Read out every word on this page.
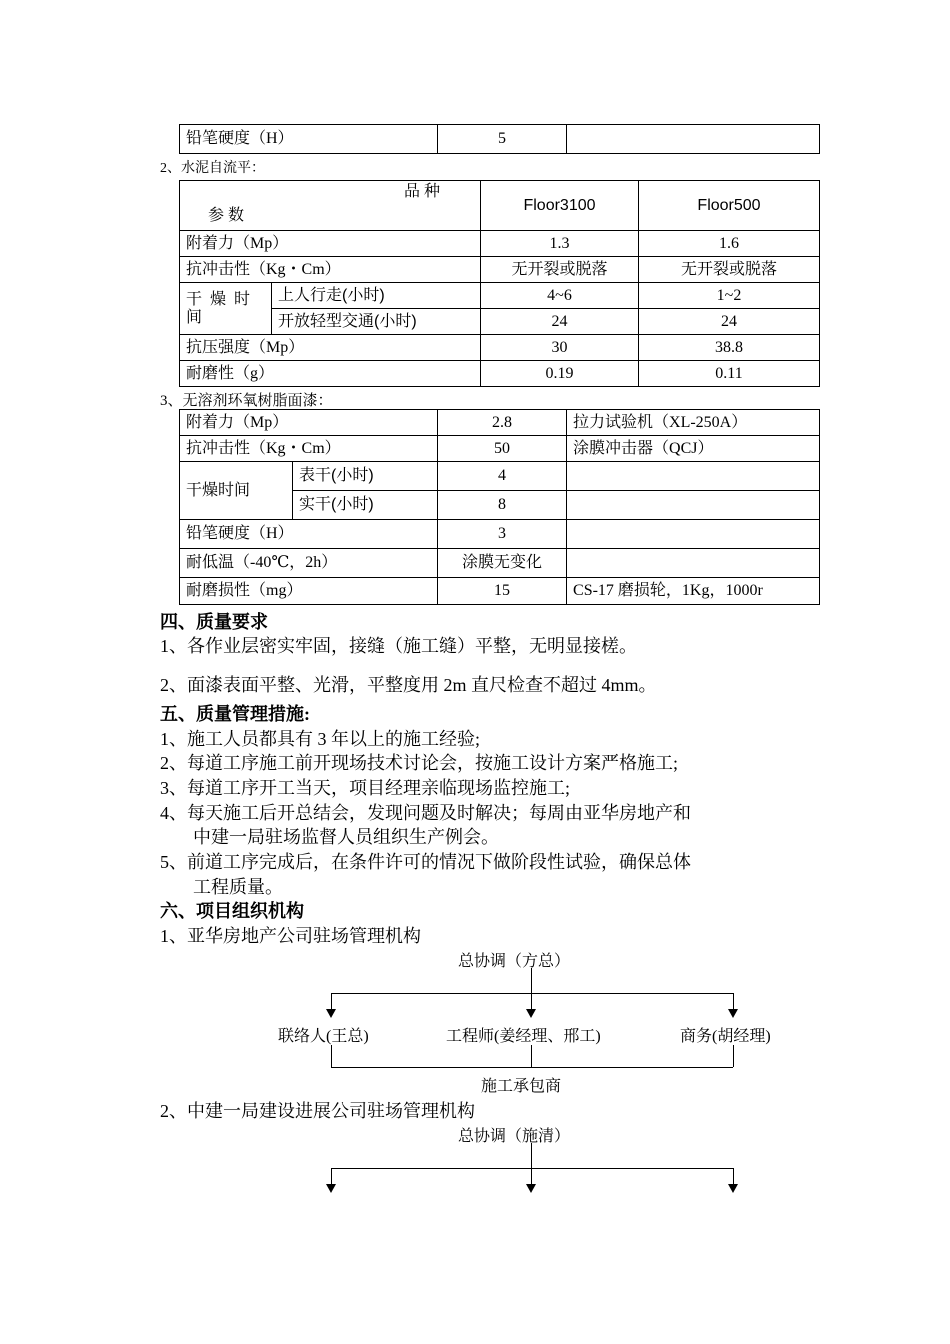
铅笔硬度（H）	5	
2、水泥自流平：
品 种
参 数		Floor3100	Floor500
附着力（Mp）		1.3	1.6
抗冲击性（Kg・Cm）		无开裂或脱落	无开裂或脱落
干 燥 时 间	上人行走(小时)	4~6	1~2
	开放轻型交通(小时)	24	24
抗压强度（Mp）		30	38.8
耐磨性（g）		0.19	0.11
3、无溶剂环氧树脂面漆：
附着力（Mp）		2.8	拉力试验机（XL-250A）
抗冲击性（Kg・Cm）		50	涂膜冲击器（QCJ）
干燥时间	表干(小时)	4	
	实干(小时)	8	
铅笔硬度（H）		3	
耐低温（-40℃，2h）		涂膜无变化	
耐磨损性（mg）		15	CS-17 磨损轮，1Kg，1000r
四、质量要求
1、各作业层密实牢固，接缝（施工缝）平整，无明显接槎。
2、面漆表面平整、光滑，平整度用 2m 直尺检查不超过 4mm。
五、质量管理措施:
1、施工人员都具有 3 年以上的施工经验;
2、每道工序施工前开现场技术讨论会，按施工设计方案严格施工;
3、每道工序开工当天，项目经理亲临现场监控施工;
4、每天施工后开总结会，发现问题及时解决；每周由亚华房地产和
中建一局驻场监督人员组织生产例会。
5、前道工序完成后，在条件许可的情况下做阶段性试验，确保总体
工程质量。
六、项目组织机构
1、亚华房地产公司驻场管理机构
总协调（方总）
联络人(王总)	工程师(姜经理、邢工)	商务(胡经理)
施工承包商
2、中建一局建设进展公司驻场管理机构
总协调（施清）
